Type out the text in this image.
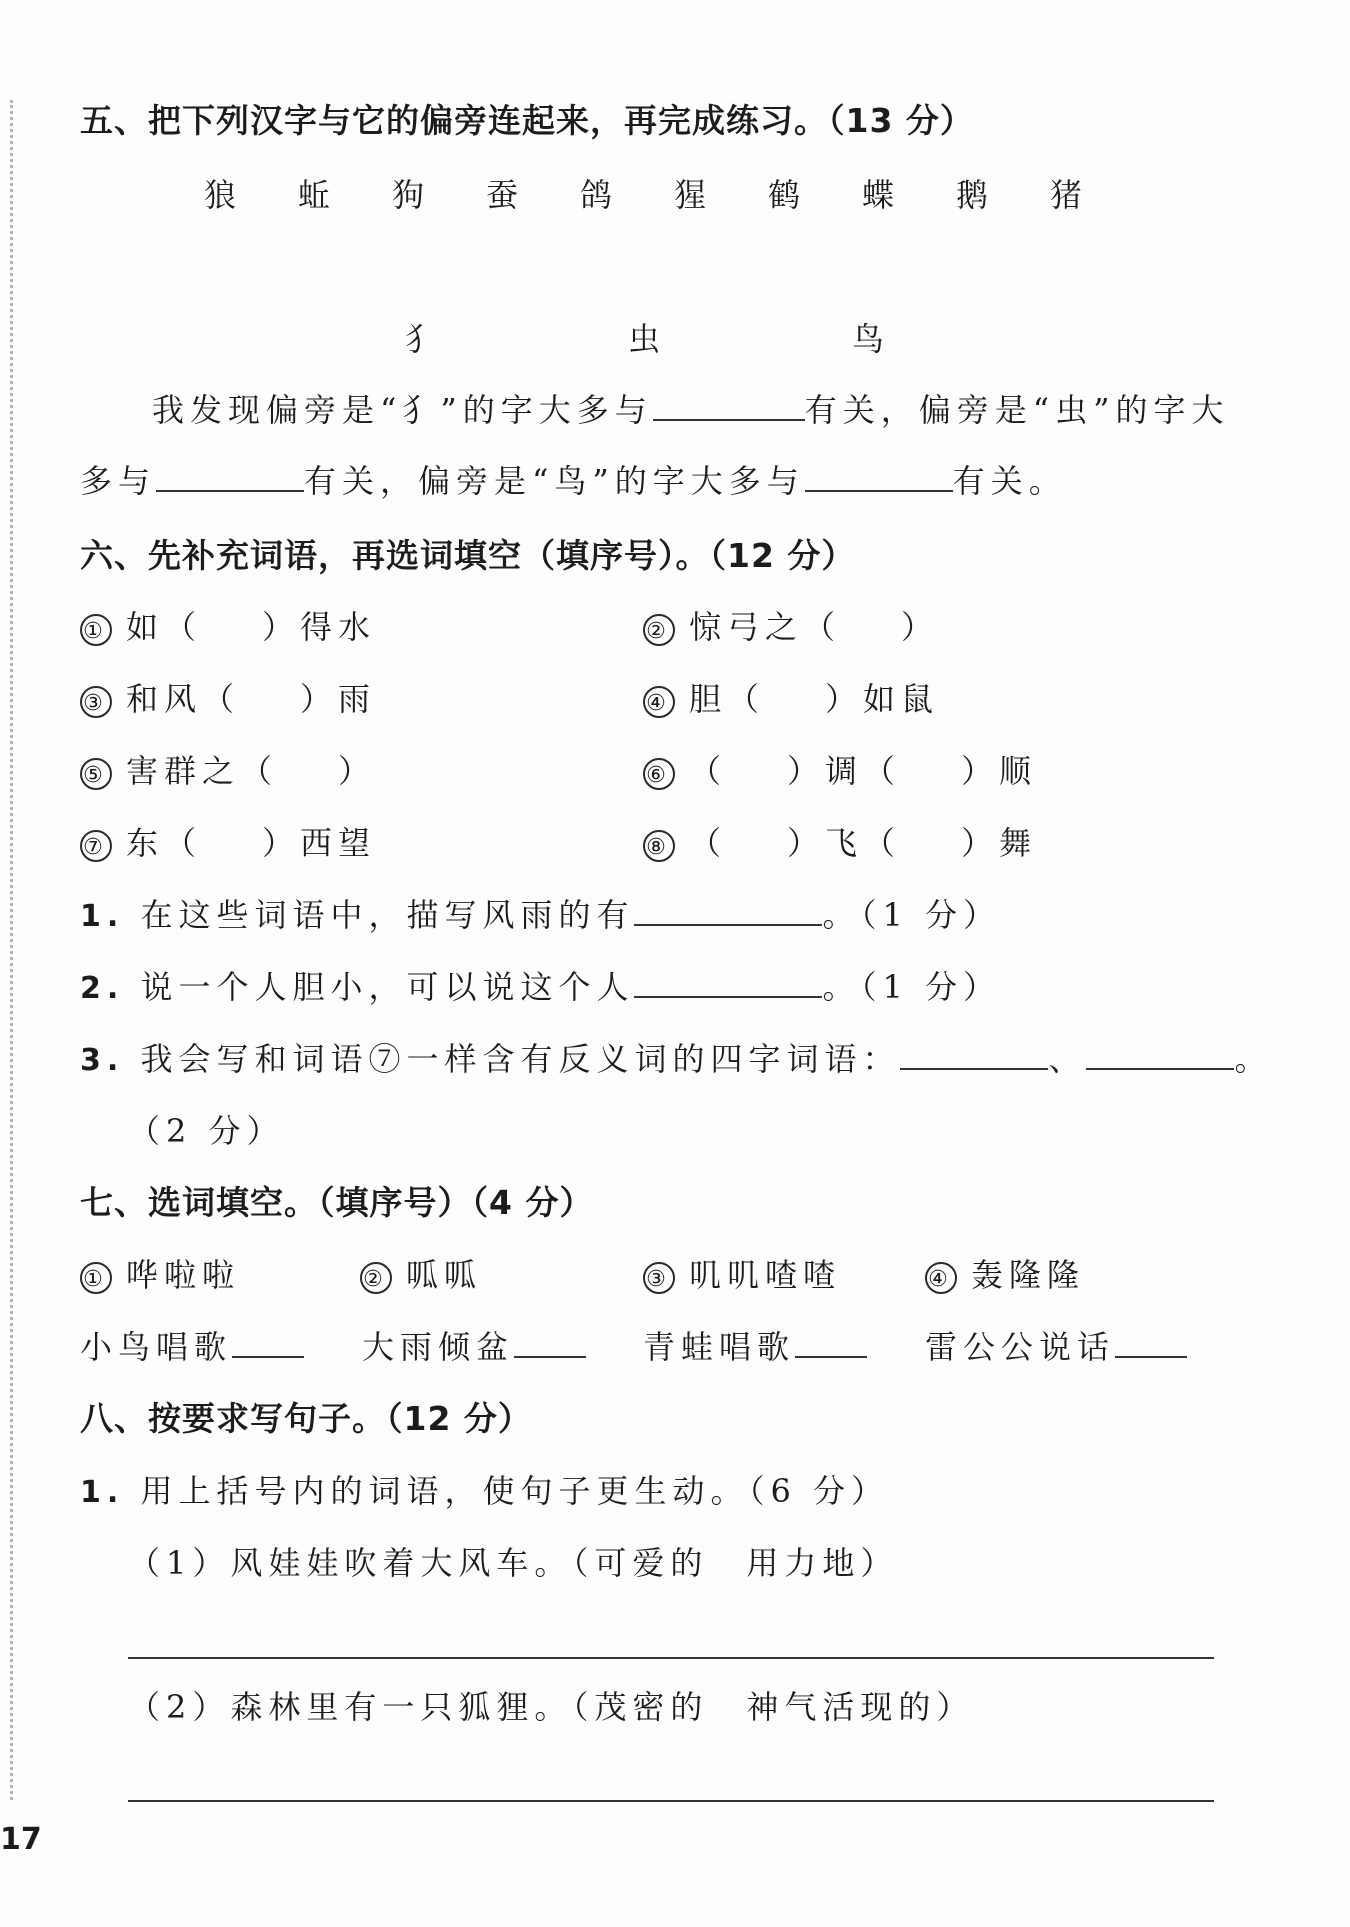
五、把下列汉字与它的偏旁连起来，再完成练习。（13 分）
狼 蚯 狗 蚕 鸽 猩 鹤 蝶 鹅 猪
犭	虫	鸟
我发现偏旁是“犭”的字大多与	有关，偏旁是“虫”的字大
多与	有关，偏旁是“鸟”的字大多与	有关。
六、先补充词语，再选词填空（填序号）。（12 分）
① 如（ ）得水	② 惊弓之（ ）
③ 和风（ ）雨	④ 胆（ ）如鼠
⑤ 害群之（ ）	⑥ （ ）调（ ）顺
⑦ 东（ ）西望	⑧ （ ）飞（ ）舞
1. 在这些词语中，描写风雨的有	。（1 分）
2. 说一个人胆小，可以说这个人	。（1 分）
3. 我会写和词语⑦一样含有反义词的四字词语：	、	。
（2 分）
七、选词填空。（填序号）（4 分）
① 哗啦啦	② 呱呱	③ 叽叽喳喳	④ 轰隆隆
小鸟唱歌	大雨倾盆	青蛙唱歌	雷公公说话
八、按要求写句子。（12 分）
1. 用上括号内的词语，使句子更生动。（6 分）
（1）风娃娃吹着大风车。（可爱的　用力地）
（2）森林里有一只狐狸。（茂密的　神气活现的）
17
